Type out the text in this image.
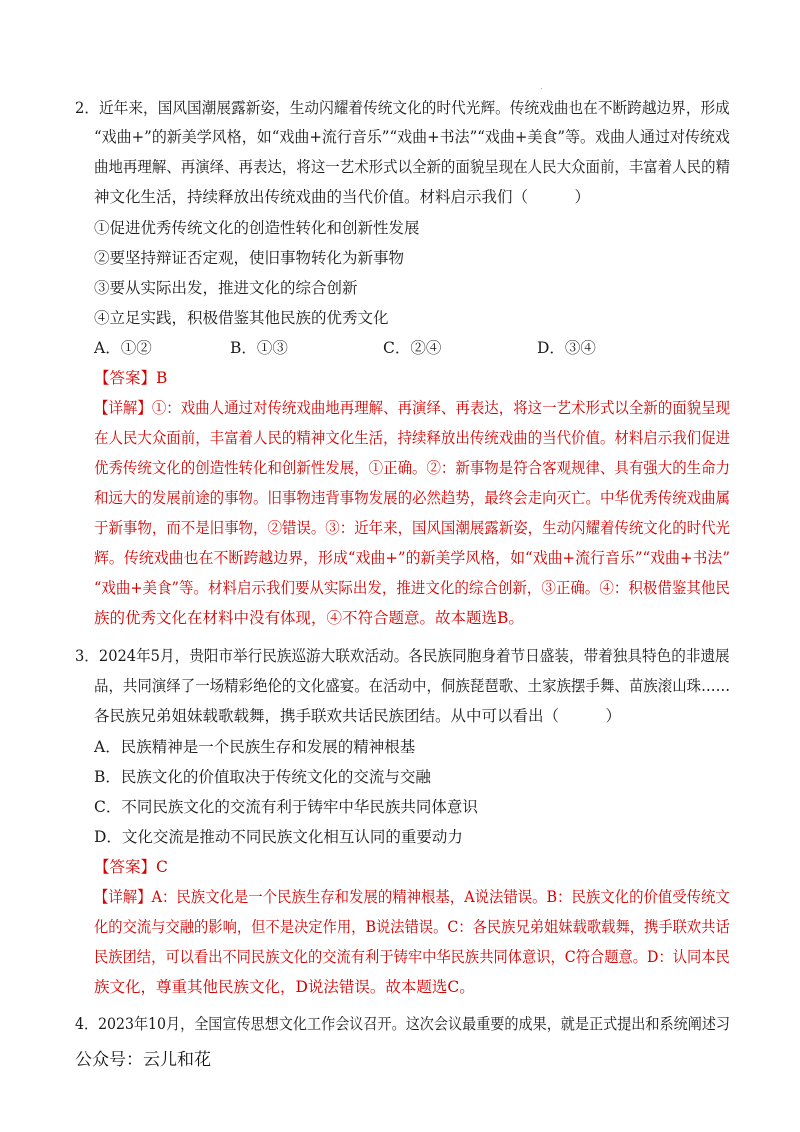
.
2．近年来，国风国潮展露新姿，生动闪耀着传统文化的时代光辉。传统戏曲也在不断跨越边界，形成
“戏曲+”的新美学风格，如“戏曲+流行音乐”“戏曲+书法”“戏曲+美食”等。戏曲人通过对传统戏
曲地再理解、再演绎、再表达，将这一艺术形式以全新的面貌呈现在人民大众面前，丰富着人民的精
神文化生活，持续释放出传统戏曲的当代价值。材料启示我们（　　　）
①促进优秀传统文化的创造性转化和创新性发展
②要坚持辩证否定观，使旧事物转化为新事物
③要从实际出发，推进文化的综合创新
④立足实践，积极借鉴其他民族的优秀文化
A．①②	B．①③	C．②④	D．③④
【答案】B
【详解】①：戏曲人通过对传统戏曲地再理解、再演绎、再表达，将这一艺术形式以全新的面貌呈现
在人民大众面前，丰富着人民的精神文化生活，持续释放出传统戏曲的当代价值。材料启示我们促进
优秀传统文化的创造性转化和创新性发展，①正确。②：新事物是符合客观规律、具有强大的生命力
和远大的发展前途的事物。旧事物违背事物发展的必然趋势，最终会走向灭亡。中华优秀传统戏曲属
于新事物，而不是旧事物，②错误。③：近年来，国风国潮展露新姿，生动闪耀着传统文化的时代光
辉。传统戏曲也在不断跨越边界，形成“戏曲+”的新美学风格，如“戏曲+流行音乐”“戏曲+书法”
“戏曲+美食”等。材料启示我们要从实际出发，推进文化的综合创新，③正确。④：积极借鉴其他民
族的优秀文化在材料中没有体现，④不符合题意。故本题选B。
3．2024年5月，贵阳市举行民族巡游大联欢活动。各民族同胞身着节日盛装，带着独具特色的非遗展
品，共同演绎了一场精彩绝伦的文化盛宴。在活动中，侗族琵琶歌、土家族摆手舞、苗族滚山珠……
各民族兄弟姐妹载歌载舞，携手联欢共话民族团结。从中可以看出（　　　）
A．民族精神是一个民族生存和发展的精神根基
B．民族文化的价值取决于传统文化的交流与交融
C．不同民族文化的交流有利于铸牢中华民族共同体意识
D．文化交流是推动不同民族文化相互认同的重要动力
【答案】C
【详解】A：民族文化是一个民族生存和发展的精神根基，A说法错误。B：民族文化的价值受传统文
化的交流与交融的影响，但不是决定作用，B说法错误。C：各民族兄弟姐妹载歌载舞，携手联欢共话
民族团结，可以看出不同民族文化的交流有利于铸牢中华民族共同体意识，C符合题意。D：认同本民
族文化，尊重其他民族文化，D说法错误。故本题选C。
4．2023年10月，全国宣传思想文化工作会议召开。这次会议最重要的成果，就是正式提出和系统阐述习
公众号：云儿和花
